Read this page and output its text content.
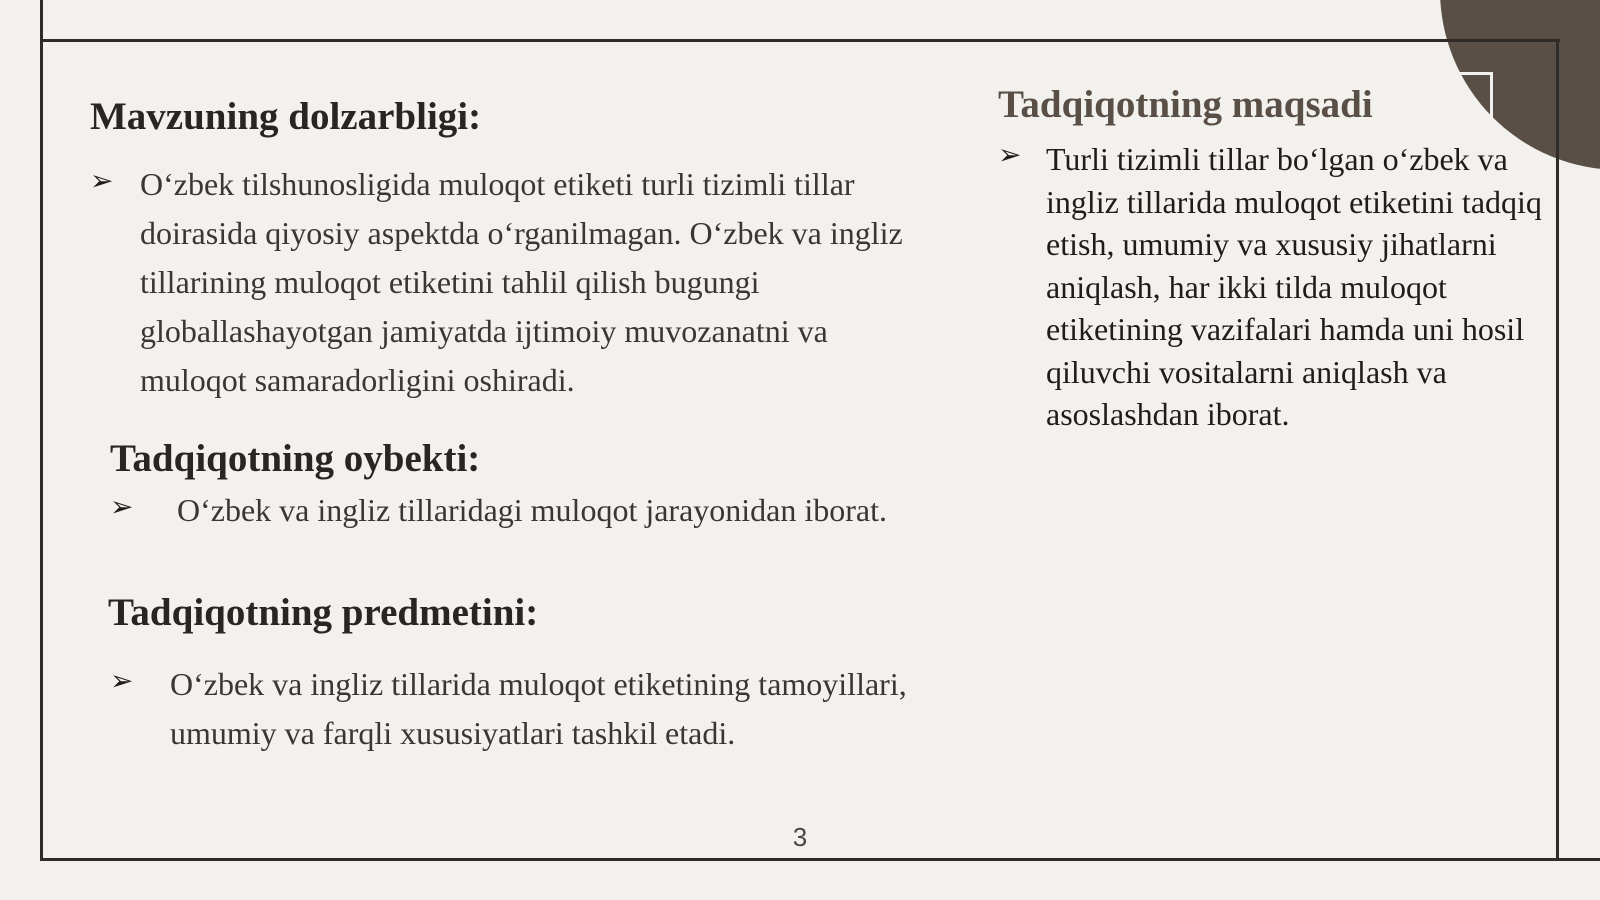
Mavzuning dolzarbligi:
➢ O‘zbek tilshunosligida muloqot etiketi turli tizimli tillar doirasida qiyosiy aspektda o‘rganilmagan. O‘zbek va ingliz tillarining muloqot etiketini tahlil qilish bugungi globallashayotgan jamiyatda ijtimoiy muvozanatni va muloqot samaradorligini oshiradi.
Tadqiqotning oybekti:
➢ O‘zbek va ingliz tillaridagi muloqot jarayonidan iborat.
Tadqiqotning predmetini:
➢ O‘zbek va ingliz tillarida muloqot etiketining tamoyillari, umumiy va farqli xususiyatlari tashkil etadi.
Tadqiqotning maqsadi
➢ Turli tizimli tillar bo‘lgan o‘zbek va ingliz tillarida muloqot etiketini tadqiq etish, umumiy va xususiy jihatlarni aniqlash, har ikki tilda muloqot etiketining vazifalari hamda uni hosil qiluvchi vositalarni aniqlash va asoslashdan iborat.
3
